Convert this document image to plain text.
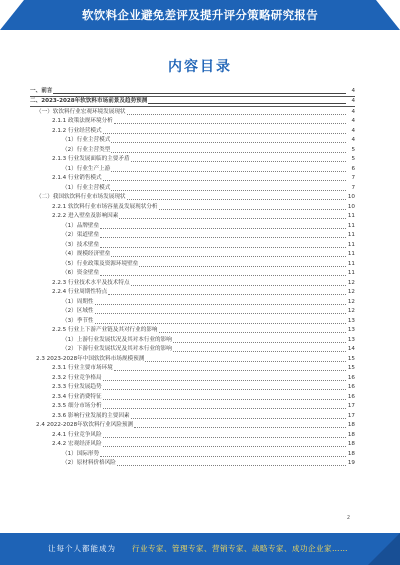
软饮料企业避免差评及提升评分策略研究报告
内容目录
一、前言	4
二、2023-2028年软饮料市场前景及趋势预测	4
（一）软饮料行业宏观环境发展现状	4
2.1.1 政策法规环境分析	4
2.1.2 行业经营模式	4
（1）行业主营模式	4
（2）行业主营类型	5
2.1.3 行业发展面临的主要矛盾	5
（1）行业生产上游	6
2.1.4 行业销售模式	7
（1）行业主营模式	7
（二）我国软饮料行业市场发展现状	10
2.2.1 软饮料行业市场容量及发展现状分析	10
2.2.2 进入壁垒及影响因素	11
（1）品牌壁垒	11
（2）渠道壁垒	11
（3）技术壁垒	11
（4）规模经济壁垒	11
（5）行业政策及资源环境壁垒	11
（6）资金壁垒	11
2.2.3 行业技术水平及技术特点	12
2.2.4 行业周期性特点	12
（1）周期性	12
（2）区域性	12
（3）季节性	13
2.2.5 行业上下游产业链及其对行业的影响	13
（1）上游行业发展状况及其对本行业的影响	13
（2）下游行业发展状况及其对本行业的影响	14
2.3 2023-2028年中国软饮料市场规模预测	15
2.3.1 行业主要市场环境	15
2.3.2 行业竞争格局	16
2.3.3 行业发展趋势	16
2.3.4 行业消费特征	16
2.3.5 细分市场分析	17
2.3.6 影响行业发展的主要因素	17
2.4 2022-2028年软饮料行业风险预测	18
2.4.1 行业竞争风险	18
2.4.2 宏观经济风险	18
（1）国际形势	18
（2）原材料价格风险	19
2
让每个人都能成为 行业专家、管理专家、营销专家、战略专家、成功企业家……
